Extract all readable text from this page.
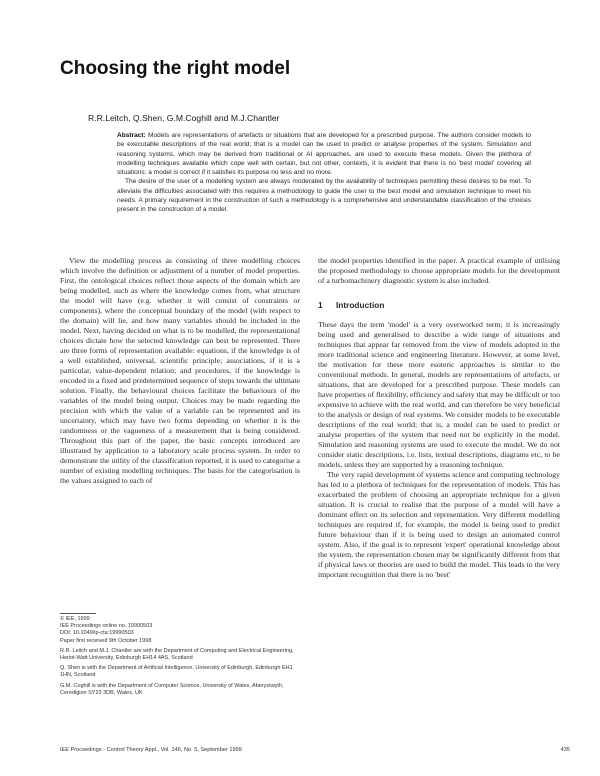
Choosing the right model
R.R.Leitch, Q.Shen, G.M.Coghill and M.J.Chantler

Abstract: Models are representations of artefacts or situations that are developed for a prescribed purpose. The authors consider models to be executable descriptions of the real world; that is a model can be used to predict or analyse properties of the system. Simulation and reasoning systems, which may be derived from traditional or AI approaches, are used to execute these models. Given the plethora of modelling techniques available which cope well with certain, but not other, contexts, it is evident that there is no 'best model' covering all situations: a model is correct if it satisfies its purpose no less and no more.

The desire of the user of a modelling system are always moderated by the availability of techniques permitting these desires to be met. To alleviate the difficulties associated with this requires a methodology to guide the user to the best model and simulation technique to meet his needs. A primary requirement in the construction of such a methodology is a comprehensive and understandable classification of the choices present in the construction of a model.

View the modelling process as consisting of three modelling choices which involve the definition or adjustment of a number of model properties. First, the ontological choices reflect those aspects of the domain which are being modelled, such as where the knowledge comes from, what structure the model will have (e.g. whether it will consist of constraints or components), where the conceptual boundary of the model (with respect to the domain) will lie, and how many variables should be included in the model. Next, having decided on what is to be modelled, the representational choices dictate how the selected knowledge can best be represented. There are three forms of representation available: equations, if the knowledge is of a well established, universal, scientific principle; associations, if it is a particular, value-dependent relation; and procedures, if the knowledge is encoded in a fixed and predetermined sequence of steps towards the ultimate solution. Finally, the behavioural choices facilitate the behaviours of the variables of the model being output. Choices may be made regarding the precision with which the value of a variable can be represented and its uncertainty, which may have two forms depending on whether it is the randomness or the vagueness of a measurement that is being considered. Throughout this part of the paper, the basic concepts introduced are illustrated by application to a laboratory scale process system. In order to demonstrate the utility of the classification reported, it is used to categorise a number of existing modelling techniques. The basis for the categorisation is the values assigned to each of

© IEE, 1999

IEE Proceedings online no. 19990503

DOI: 10.1049/ip-cta:19990503

Paper first received 9th October 1998

R.R. Leitch and M.J. Chantler are with the Department of Computing and Electrical Engineering, Heriot-Watt University, Edinburgh EH14 4AS, Scotland

Q. Shen is with the Department of Artificial Intelligence, University of Edinburgh, Edinburgh EH1 1HN, Scotland

G.M. Coghill is with the Department of Computer Science, University of Wales, Aberystwyth, Ceredigion SY23 3DB, Wales, UK

the model properties identified in the paper. A practical example of utilising the proposed methodology to choose appropriate models for the development of a turbomachinery diagnostic system is also included.

1 Introduction

These days the term 'model' is a very overworked term; it is increasingly being used and generalised to describe a wide range of situations and techniques that appear far removed from the view of models adopted in the more traditional science and engineering literature. However, at some level, the motivation for these more esoteric approaches is similar to the conventional methods. In general, models are representations of artefacts, or situations, that are developed for a prescribed purpose. These models can have properties of flexibility, efficiency and safety that may be difficult or too expensive to achieve with the real world, and can therefore be very beneficial to the analysis or design of real systems. We consider models to be executable descriptions of the real world; that is, a model can be used to predict or analyse properties of the system that need not be explicitly in the model. Simulation and reasoning systems are used to execute the model. We do not consider static descriptions, i.e. lists, textual descriptions, diagrams etc, to be models, unless they are supported by a reasoning technique.

The very rapid development of systems science and computing technology has led to a plethora of techniques for the representation of models. This has exacerbated the problem of choosing an appropriate technique for a given situation. It is crucial to realise that the purpose of a model will have a dominant effect on its selection and representation. Very different modelling techniques are required if, for example, the model is being used to predict future behaviour than if it is being used to design an automated control system. Also, if the goal is to represent 'expert' operational knowledge about the system, the representation chosen may be significantly different from that if physical laws or theories are used to build the model. This leads to the very important recognition that there is no 'best'

IEE Proceedings - Control Theory Appl., Vol. 146, No. 5, September 1999	435
